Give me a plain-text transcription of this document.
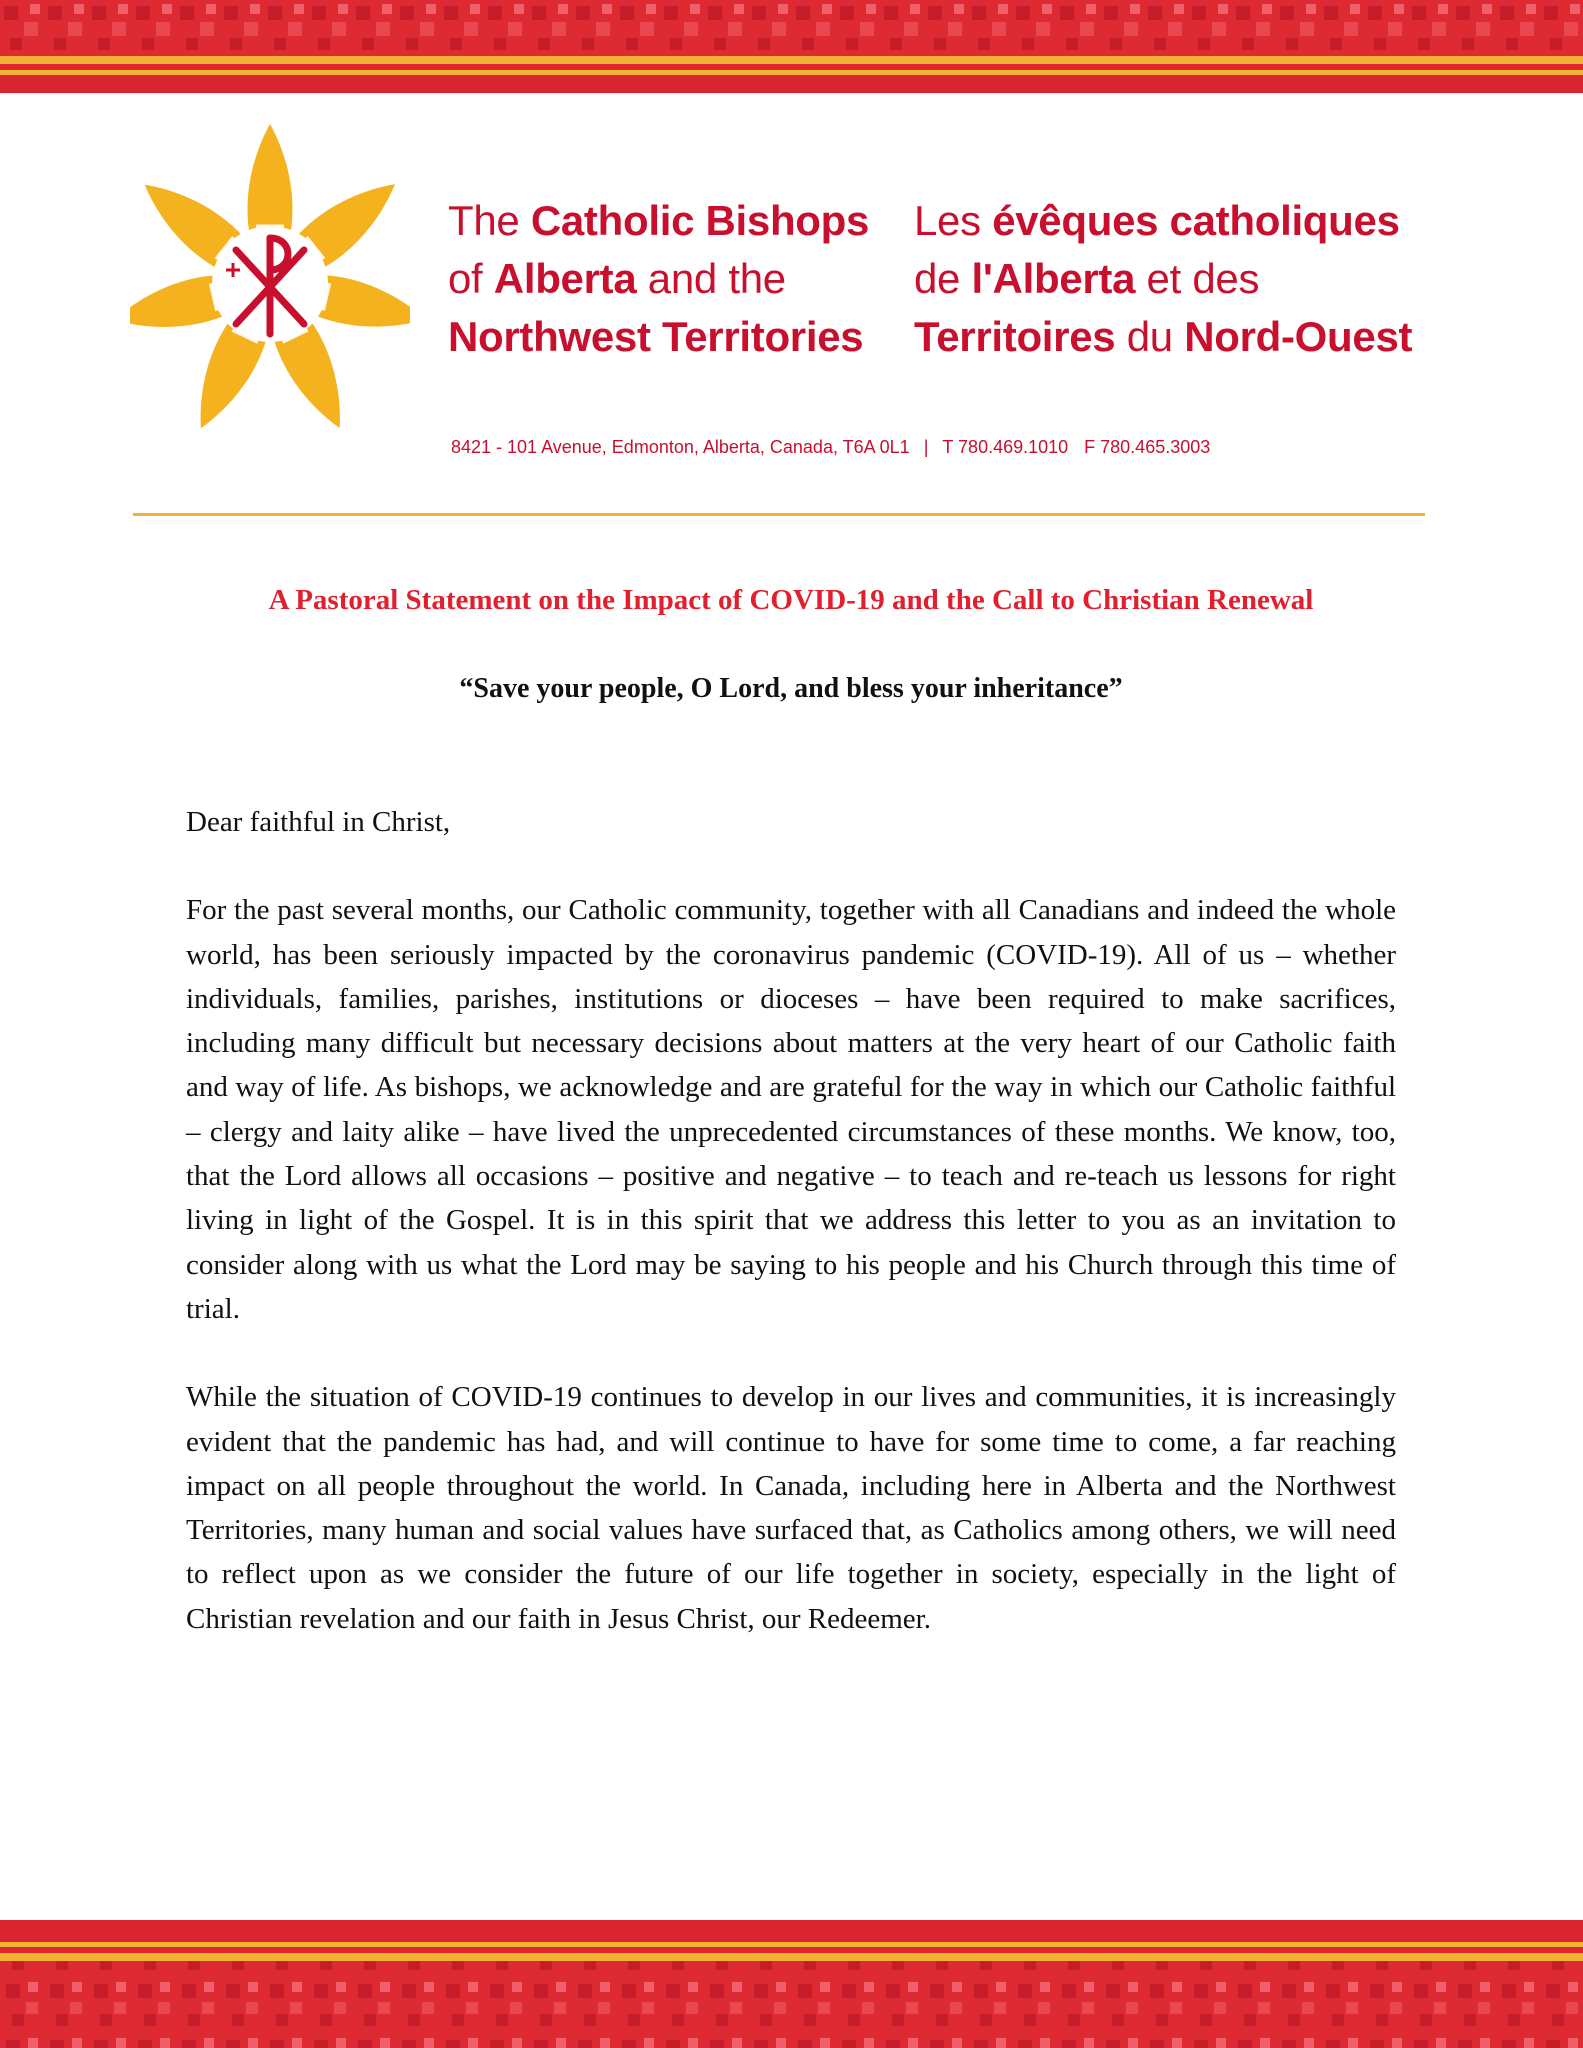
The Catholic Bishops
of Alberta and the
Northwest Territories
Les évêques catholiques
de l'Alberta et des
Territoires du Nord-Ouest
8421 - 101 Avenue, Edmonton, Alberta, Canada, T6A 0L1 | T 780.469.1010 F 780.465.3003
A Pastoral Statement on the Impact of COVID-19 and the Call to Christian Renewal
“Save your people, O Lord, and bless your inheritance”

Dear faithful in Christ,

For the past several months, our Catholic community, together with all Canadians and indeed the whole world, has been seriously impacted by the coronavirus pandemic (COVID-19). All of us – whether individuals, families, parishes, institutions or dioceses – have been required to make sacrifices, including many difficult but necessary decisions about matters at the very heart of our Catholic faith and way of life. As bishops, we acknowledge and are grateful for the way in which our Catholic faithful – clergy and laity alike – have lived the unprecedented circumstances of these months. We know, too, that the Lord allows all occasions – positive and negative – to teach and re-teach us lessons for right living in light of the Gospel. It is in this spirit that we address this letter to you as an invitation to consider along with us what the Lord may be saying to his people and his Church through this time of trial.

While the situation of COVID-19 continues to develop in our lives and communities, it is increasingly evident that the pandemic has had, and will continue to have for some time to come, a far reaching impact on all people throughout the world. In Canada, including here in Alberta and the Northwest Territories, many human and social values have surfaced that, as Catholics among others, we will need to reflect upon as we consider the future of our life together in society, especially in the light of Christian revelation and our faith in Jesus Christ, our Redeemer.
